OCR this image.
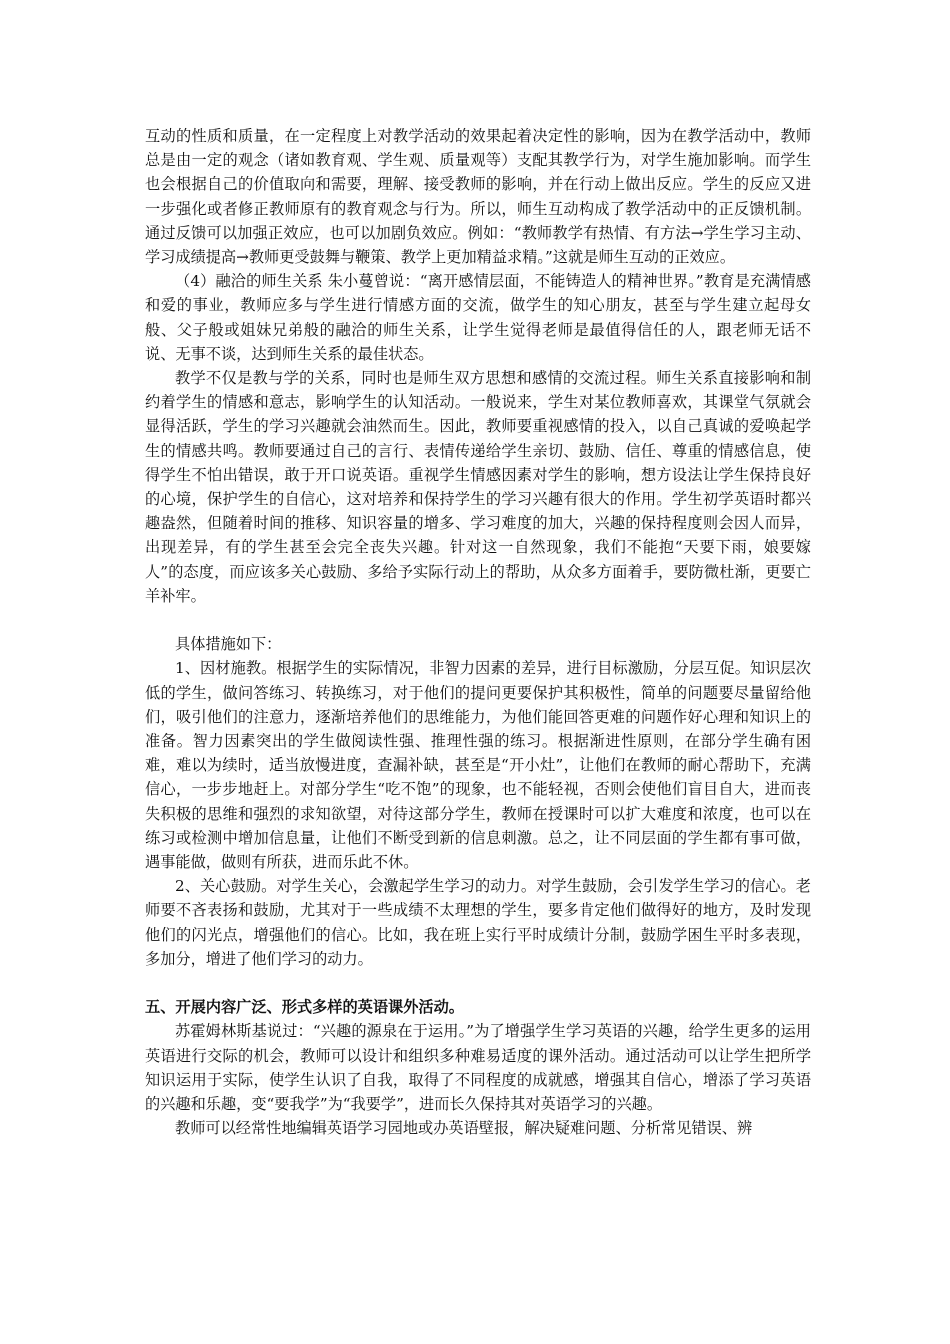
互动的性质和质量，在一定程度上对教学活动的效果起着决定性的影响，因为在教学活动中，教师总是由一定的观念（诸如教育观、学生观、质量观等）支配其教学行为，对学生施加影响。而学生也会根据自己的价值取向和需要，理解、接受教师的影响，并在行动上做出反应。学生的反应又进一步强化或者修正教师原有的教育观念与行为。所以，师生互动构成了教学活动中的正反馈机制。通过反馈可以加强正效应，也可以加剧负效应。例如：“教师教学有热情、有方法→学生学习主动、学习成绩提高→教师更受鼓舞与鞭策、教学上更加精益求精。”这就是师生互动的正效应。

（4）融洽的师生关系 朱小蔓曾说：“离开感情层面，不能铸造人的精神世界。”教育是充满情感和爱的事业，教师应多与学生进行情感方面的交流，做学生的知心朋友，甚至与学生建立起母女般、父子般或姐妹兄弟般的融洽的师生关系，让学生觉得老师是最值得信任的人，跟老师无话不说、无事不谈，达到师生关系的最佳状态。

教学不仅是教与学的关系，同时也是师生双方思想和感情的交流过程。师生关系直接影响和制约着学生的情感和意志，影响学生的认知活动。一般说来，学生对某位教师喜欢，其课堂气氛就会显得活跃，学生的学习兴趣就会油然而生。因此，教师要重视感情的投入，以自己真诚的爱唤起学生的情感共鸣。教师要通过自己的言行、表情传递给学生亲切、鼓励、信任、尊重的情感信息，使得学生不怕出错误，敢于开口说英语。重视学生情感因素对学生的影响，想方设法让学生保持良好的心境，保护学生的自信心，这对培养和保持学生的学习兴趣有很大的作用。学生初学英语时都兴趣盎然，但随着时间的推移、知识容量的增多、学习难度的加大，兴趣的保持程度则会因人而异，出现差异，有的学生甚至会完全丧失兴趣。针对这一自然现象，我们不能抱“天要下雨，娘要嫁人”的态度，而应该多关心鼓励、多给予实际行动上的帮助，从众多方面着手，要防微杜渐，更要亡羊补牢。

具体措施如下：

1、因材施教。根据学生的实际情况，非智力因素的差异，进行目标激励，分层互促。知识层次低的学生，做问答练习、转换练习，对于他们的提问更要保护其积极性，简单的问题要尽量留给他们，吸引他们的注意力，逐渐培养他们的思维能力，为他们能回答更难的问题作好心理和知识上的准备。智力因素突出的学生做阅读性强、推理性强的练习。根据渐进性原则，在部分学生确有困难，难以为续时，适当放慢进度，查漏补缺，甚至是“开小灶”，让他们在教师的耐心帮助下，充满信心，一步步地赶上。对部分学生“吃不饱”的现象，也不能轻视，否则会使他们盲目自大，进而丧失积极的思维和强烈的求知欲望，对待这部分学生，教师在授课时可以扩大难度和浓度，也可以在练习或检测中增加信息量，让他们不断受到新的信息刺激。总之，让不同层面的学生都有事可做，遇事能做，做则有所获，进而乐此不休。

2、关心鼓励。对学生关心，会激起学生学习的动力。对学生鼓励，会引发学生学习的信心。老师要不吝表扬和鼓励，尤其对于一些成绩不太理想的学生，要多肯定他们做得好的地方，及时发现他们的闪光点，增强他们的信心。比如，我在班上实行平时成绩计分制，鼓励学困生平时多表现，多加分，增进了他们学习的动力。

五、开展内容广泛、形式多样的英语课外活动。

苏霍姆林斯基说过：“兴趣的源泉在于运用。”为了增强学生学习英语的兴趣，给学生更多的运用英语进行交际的机会，教师可以设计和组织多种难易适度的课外活动。通过活动可以让学生把所学知识运用于实际，使学生认识了自我，取得了不同程度的成就感，增强其自信心，增添了学习英语的兴趣和乐趣，变“要我学”为“我要学”，进而长久保持其对英语学习的兴趣。

教师可以经常性地编辑英语学习园地或办英语壁报，解决疑难问题、分析常见错误、辨
